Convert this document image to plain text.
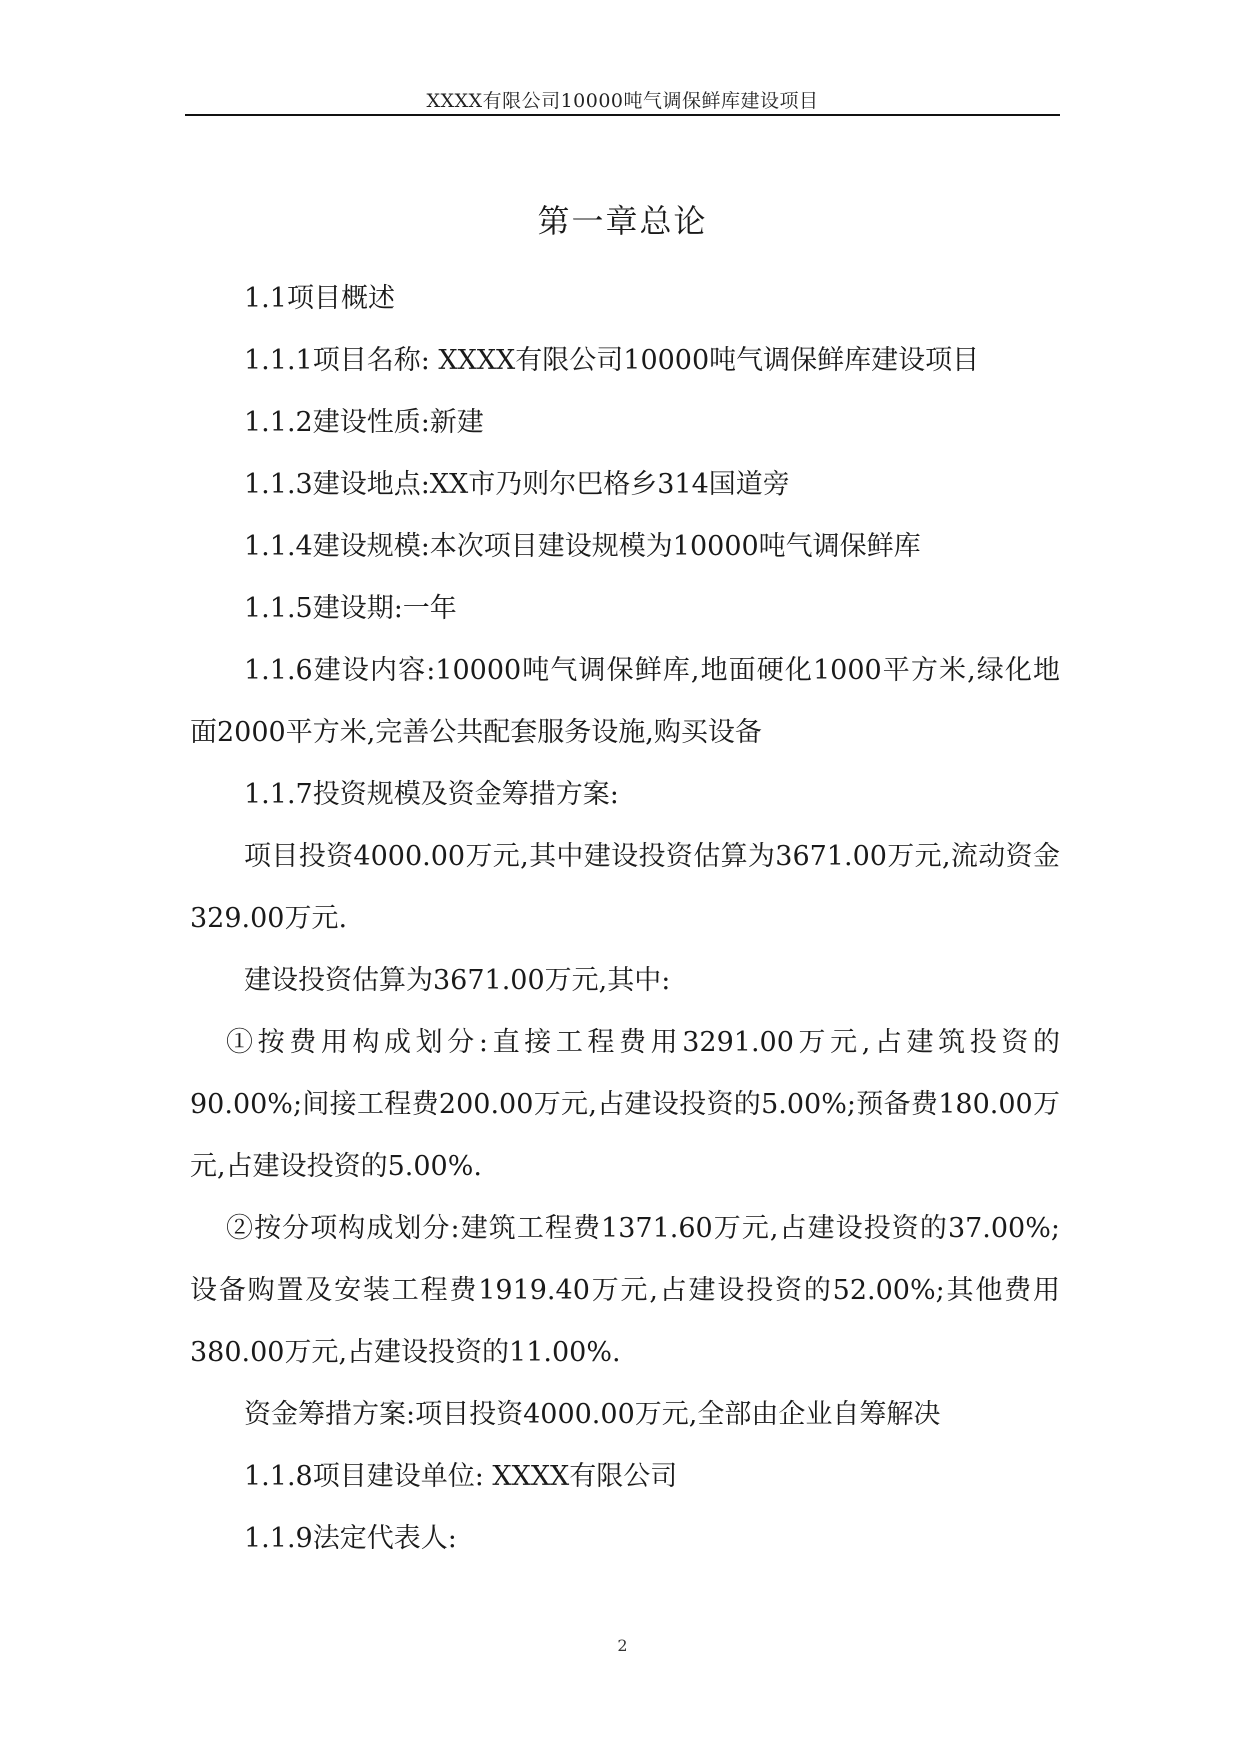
XXXX有限公司10000吨气调保鲜库建设项目
第一章总论

1.1项目概述

1.1.1项目名称: XXXX有限公司10000吨气调保鲜库建设项目

1.1.2建设性质:新建

1.1.3建设地点:XX市乃则尔巴格乡314国道旁

1.1.4建设规模:本次项目建设规模为10000吨气调保鲜库

1.1.5建设期:一年

1.1.6建设内容:10000吨气调保鲜库,地面硬化1000平方米,绿化地面2000平方米,完善公共配套服务设施,购买设备

1.1.7投资规模及资金筹措方案:

项目投资4000.00万元,其中建设投资估算为3671.00万元,流动资金329.00万元.

建设投资估算为3671.00万元,其中:

①按费用构成划分:直接工程费用3291.00万元,占建筑投资的90.00%;间接工程费200.00万元,占建设投资的5.00%;预备费180.00万元,占建设投资的5.00%.

②按分项构成划分:建筑工程费1371.60万元,占建设投资的37.00%;设备购置及安装工程费1919.40万元,占建设投资的52.00%;其他费用380.00万元,占建设投资的11.00%.

资金筹措方案:项目投资4000.00万元,全部由企业自筹解决

1.1.8项目建设单位: XXXX有限公司

1.1.9法定代表人:

2
